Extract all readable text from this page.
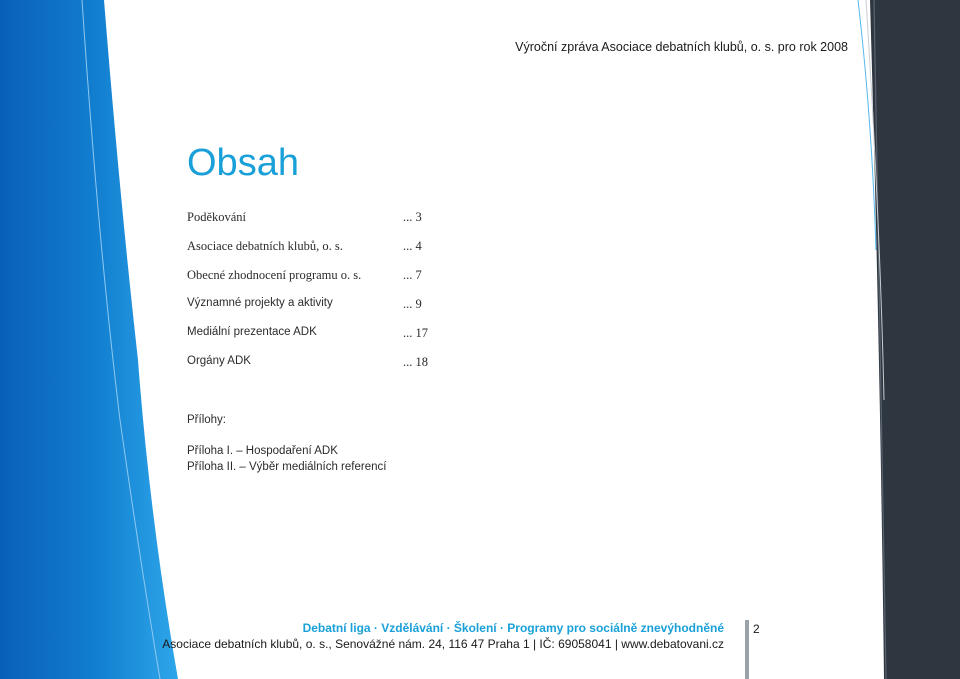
Výroční zpráva Asociace debatních klubů, o. s. pro rok 2008
Obsah
Poděkování	... 3
Asociace debatních klubů, o. s.	... 4
Obecné zhodnocení programu o. s.	... 7
Významné projekty a aktivity	... 9
Mediální prezentace ADK	... 17
Orgány ADK	... 18
Přílohy:
Příloha I. – Hospodaření ADK
Příloha II. – Výběr mediálních referencí
Debatní liga · Vzdělávání · Školení · Programy pro sociálně znevýhodněné
Asociace debatních klubů, o. s., Senovážné nám. 24, 116 47 Praha 1 | IČ: 69058041 | www.debatovani.cz
2
